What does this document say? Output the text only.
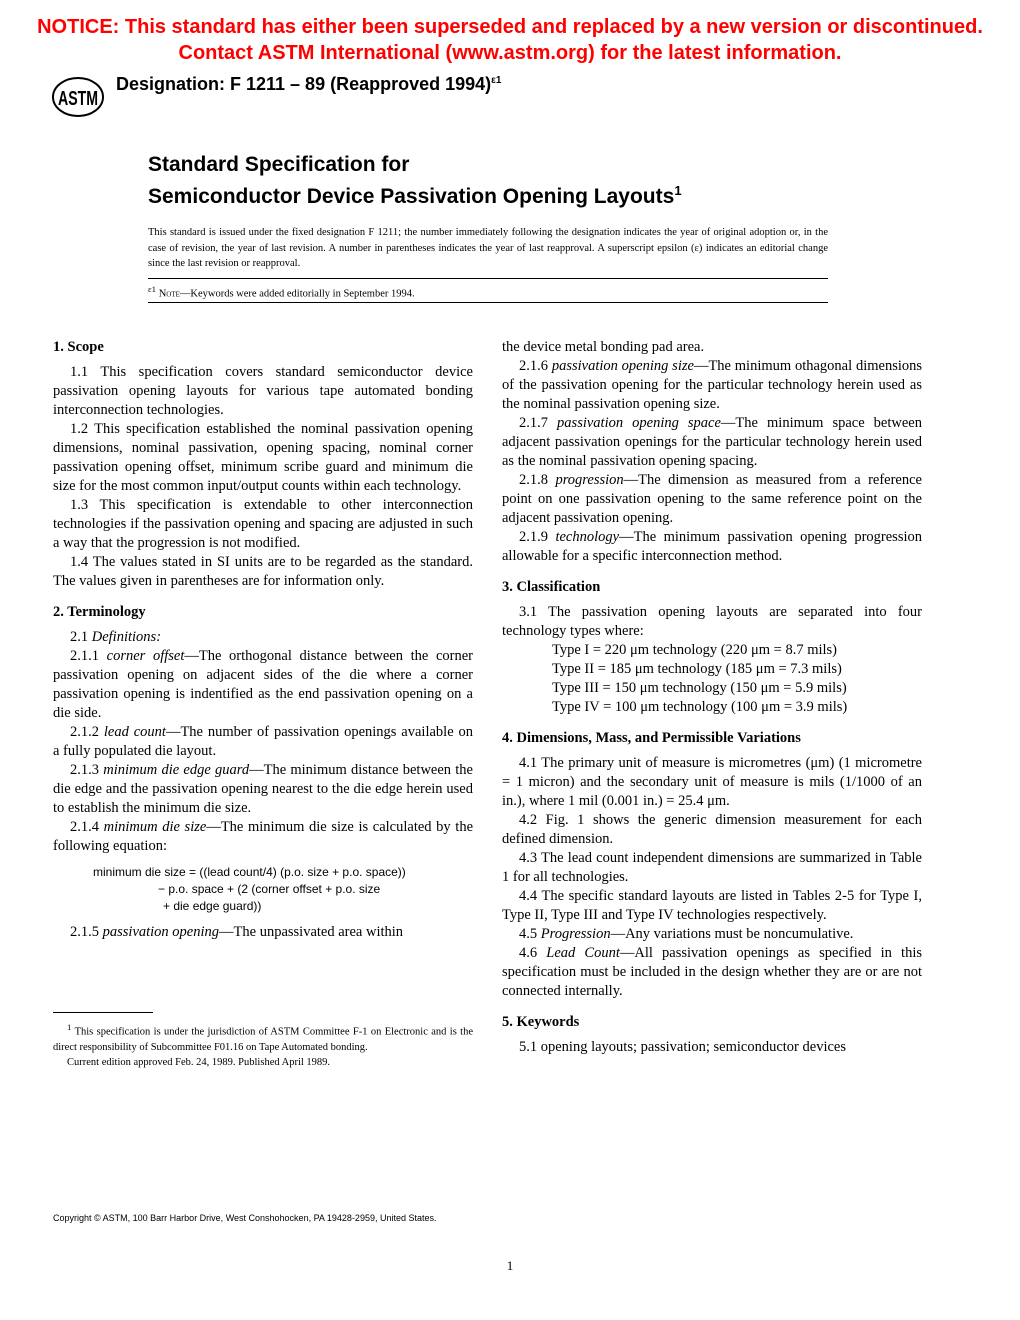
NOTICE: This standard has either been superseded and replaced by a new version or discontinued.
Contact ASTM International (www.astm.org) for the latest information.
ASTM
Designation: F 1211 – 89 (Reapproved 1994)$^{\varepsilon 1}$
Standard Specification for
Semiconductor Device Passivation Opening Layouts$^1$
This standard is issued under the fixed designation F 1211; the number immediately following the designation indicates the year of original adoption or, in the case of revision, the year of last revision. A number in parentheses indicates the year of last reapproval. A superscript epsilon (ε) indicates an editorial change since the last revision or reapproval.
$^{\varepsilon 1}$ Note—Keywords were added editorially in September 1994.
1. Scope

1.1 This specification covers standard semiconductor device passivation opening layouts for various tape automated bonding interconnection technologies.

1.2 This specification established the nominal passivation opening dimensions, nominal passivation, opening spacing, nominal corner passivation opening offset, minimum scribe guard and minimum die size for the most common input/output counts within each technology.

1.3 This specification is extendable to other interconnection technologies if the passivation opening and spacing are adjusted in such a way that the progression is not modified.

1.4 The values stated in SI units are to be regarded as the standard. The values given in parentheses are for information only.

2. Terminology

2.1 Definitions:

2.1.1 corner offset—The orthogonal distance between the corner passivation opening on adjacent sides of the die where a corner passivation opening is indentified as the end passivation opening on a die side.

2.1.2 lead count—The number of passivation openings available on a fully populated die layout.

2.1.3 minimum die edge guard—The minimum distance between the die edge and the passivation opening nearest to the die edge herein used to establish the minimum die size.

2.1.4 minimum die size—The minimum die size is calculated by the following equation:

minimum die size = ((lead count/4) (p.o. size + p.o. space))
− p.o. space + (2 (corner offset + p.o. size
+ die edge guard))

2.1.5 passivation opening—The unpassivated area within

$^1$ This specification is under the jurisdiction of ASTM Committee F-1 on Electronic and is the direct responsibility of Subcommittee F01.16 on Tape Automated bonding.

Current edition approved Feb. 24, 1989. Published April 1989.

the device metal bonding pad area.

2.1.6 passivation opening size—The minimum othagonal dimensions of the passivation opening for the particular technology herein used as the nominal passivation opening size.

2.1.7 passivation opening space—The minimum space between adjacent passivation openings for the particular technology herein used as the nominal passivation opening spacing.

2.1.8 progression—The dimension as measured from a reference point on one passivation opening to the same reference point on the adjacent passivation opening.

2.1.9 technology—The minimum passivation opening progression allowable for a specific interconnection method.

3. Classification

3.1 The passivation opening layouts are separated into four technology types where:

Type I = 220 μm technology (220 μm = 8.7 mils)
Type II = 185 μm technology (185 μm = 7.3 mils)
Type III = 150 μm technology (150 μm = 5.9 mils)
Type IV = 100 μm technology (100 μm = 3.9 mils)
4. Dimensions, Mass, and Permissible Variations

4.1 The primary unit of measure is micrometres (μm) (1 micrometre = 1 micron) and the secondary unit of measure is mils (1/1000 of an in.), where 1 mil (0.001 in.) = 25.4 μm.

4.2 Fig. 1 shows the generic dimension measurement for each defined dimension.

4.3 The lead count independent dimensions are summarized in Table 1 for all technologies.

4.4 The specific standard layouts are listed in Tables 2-5 for Type I, Type II, Type III and Type IV technologies respectively.

4.5 Progression—Any variations must be noncumulative.

4.6 Lead Count—All passivation openings as specified in this specification must be included in the design whether they are or are not connected internally.

5. Keywords

5.1 opening layouts; passivation; semiconductor devices

Copyright © ASTM, 100 Barr Harbor Drive, West Conshohocken, PA 19428-2959, United States.
1
